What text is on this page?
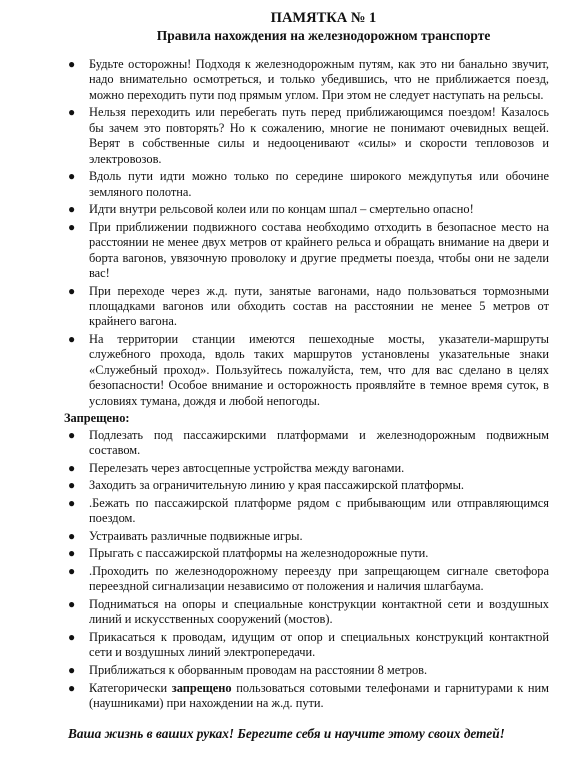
ПАМЯТКА № 1
Правила нахождения на железнодорожном транспорте
● Будьте осторожны! Подходя к железнодорожным путям, как это ни банально звучит, надо внимательно осмотреться, и только убедившись, что не приближается поезд, можно переходить пути под прямым углом. При этом не следует наступать на рельсы.
● Нельзя переходить или перебегать путь перед приближающимся поездом! Казалось бы зачем это повторять? Но к сожалению, многие не понимают очевидных вещей. Верят в собственные силы и недооценивают «силы» и скорости тепловозов и электровозов.
● Вдоль пути идти можно только по середине широкого междупутья или обочине земляного полотна.
● Идти внутри рельсовой колеи или по концам шпал – смертельно опасно!
● При приближении подвижного состава необходимо отходить в безопасное место на расстоянии не менее двух метров от крайнего рельса и обращать внимание на двери и борта вагонов, увязочную проволоку и другие предметы поезда, чтобы они не задели вас!
● При переходе через ж.д. пути, занятые вагонами, надо пользоваться тормозными площадками вагонов или обходить состав на расстоянии не менее 5 метров от крайнего вагона.
● На территории станции имеются пешеходные мосты, указатели-маршруты служебного прохода, вдоль таких маршрутов установлены указательные знаки «Служебный проход». Пользуйтесь пожалуйста, тем, что для вас сделано в целях безопасности! Особое внимание и осторожность проявляйте в темное время суток, в условиях тумана, дождя и любой непогоды.
Запрещено:
● Подлезать под пассажирскими платформами и железнодорожным подвижным составом.
● Перелезать через автосцепные устройства между вагонами.
● Заходить за ограничительную линию у края пассажирской платформы.
● .Бежать по пассажирской платформе рядом с прибывающим или отправляющимся поездом.
● Устраивать различные подвижные игры.
● Прыгать с пассажирской платформы на железнодорожные пути.
● .Проходить по железнодорожному переезду при запрещающем сигнале светофора переездной сигнализации независимо от положения и наличия шлагбаума.
● Подниматься на опоры и специальные конструкции контактной сети и воздушных линий и искусственных сооружений (мостов).
● Прикасаться к проводам, идущим от опор и специальных конструкций контактной сети и воздушных линий электропередачи.
● Приближаться к оборванным проводам на расстоянии 8 метров.
● Категорически запрещено пользоваться сотовыми телефонами и гарнитурами к ним (наушниками) при нахождении на ж.д. пути.
Ваша жизнь в ваших руках! Берегите себя и научите этому своих детей!
